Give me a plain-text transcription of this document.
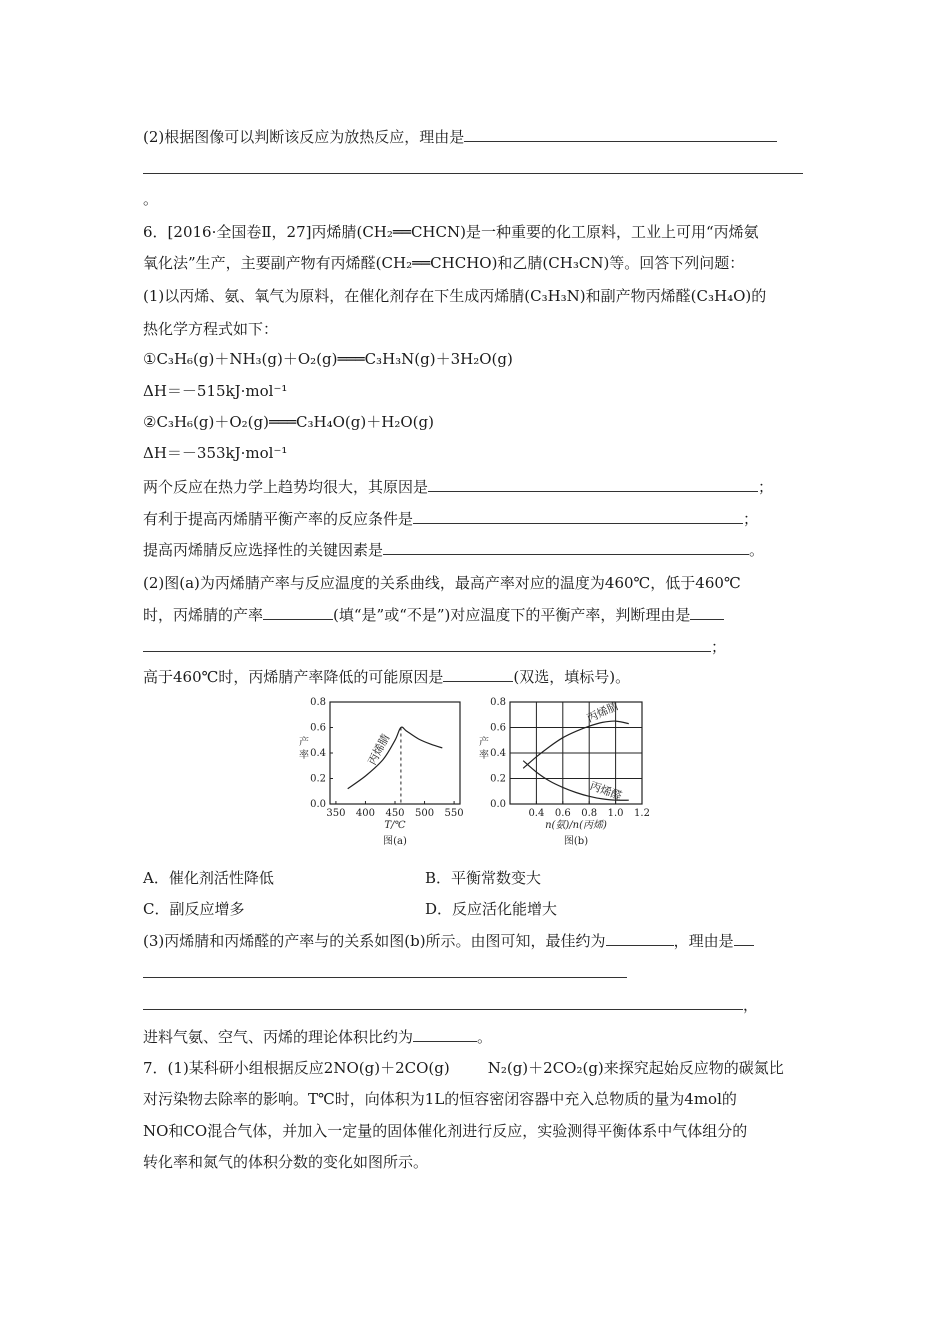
(2)根据图像可以判断该反应为放热反应，理由是
。
6．[2016·全国卷Ⅱ，27]丙烯腈(CH₂══CHCN)是一种重要的化工原料，工业上可用“丙烯氨
氧化法”生产，主要副产物有丙烯醛(CH₂══CHCHO)和乙腈(CH₃CN)等。回答下列问题：
(1)以丙烯、氨、氧气为原料，在催化剂存在下生成丙烯腈(C₃H₃N)和副产物丙烯醛(C₃H₄O)的
热化学方程式如下：
①C₃H₆(g)＋NH₃(g)＋O₂(g)═══C₃H₃N(g)＋3H₂O(g)
ΔH＝－515kJ·mol⁻¹
②C₃H₆(g)＋O₂(g)═══C₃H₄O(g)＋H₂O(g)
ΔH＝－353kJ·mol⁻¹
两个反应在热力学上趋势均很大，其原因是	；
有利于提高丙烯腈平衡产率的反应条件是	；
提高丙烯腈反应选择性的关键因素是	。
(2)图(a)为丙烯腈产率与反应温度的关系曲线，最高产率对应的温度为460℃，低于460℃
时，丙烯腈的产率	(填“是”或“不是”)对应温度下的平衡产率，判断理由是
；
高于460℃时，丙烯腈产率降低的可能原因是	(双选，填标号)。
350 400 450 500 550
0.0
0.2
0.4
0.6
0.8
T/℃
产率
图(a)
丙烯腈
0.4 0.6 0.8 1.0 1.2
0.0
0.2
0.4
0.6
0.8
n(氨)/n(丙烯)
产率
图(b)
丙烯腈
丙烯醛
A．催化剂活性降低	B．平衡常数变大
C．副反应增多	D．反应活化能增大
(3)丙烯腈和丙烯醛的产率与的关系如图(b)所示。由图可知，最佳约为	，理由是
，
进料气氨、空气、丙烯的理论体积比约为	。
7．(1)某科研小组根据反应2NO(g)＋2CO(g)	N₂(g)＋2CO₂(g)来探究起始反应物的碳氮比
对污染物去除率的影响。T℃时，向体积为1L的恒容密闭容器中充入总物质的量为4mol的
NO和CO混合气体，并加入一定量的固体催化剂进行反应，实验测得平衡体系中气体组分的
转化率和氮气的体积分数的变化如图所示。
